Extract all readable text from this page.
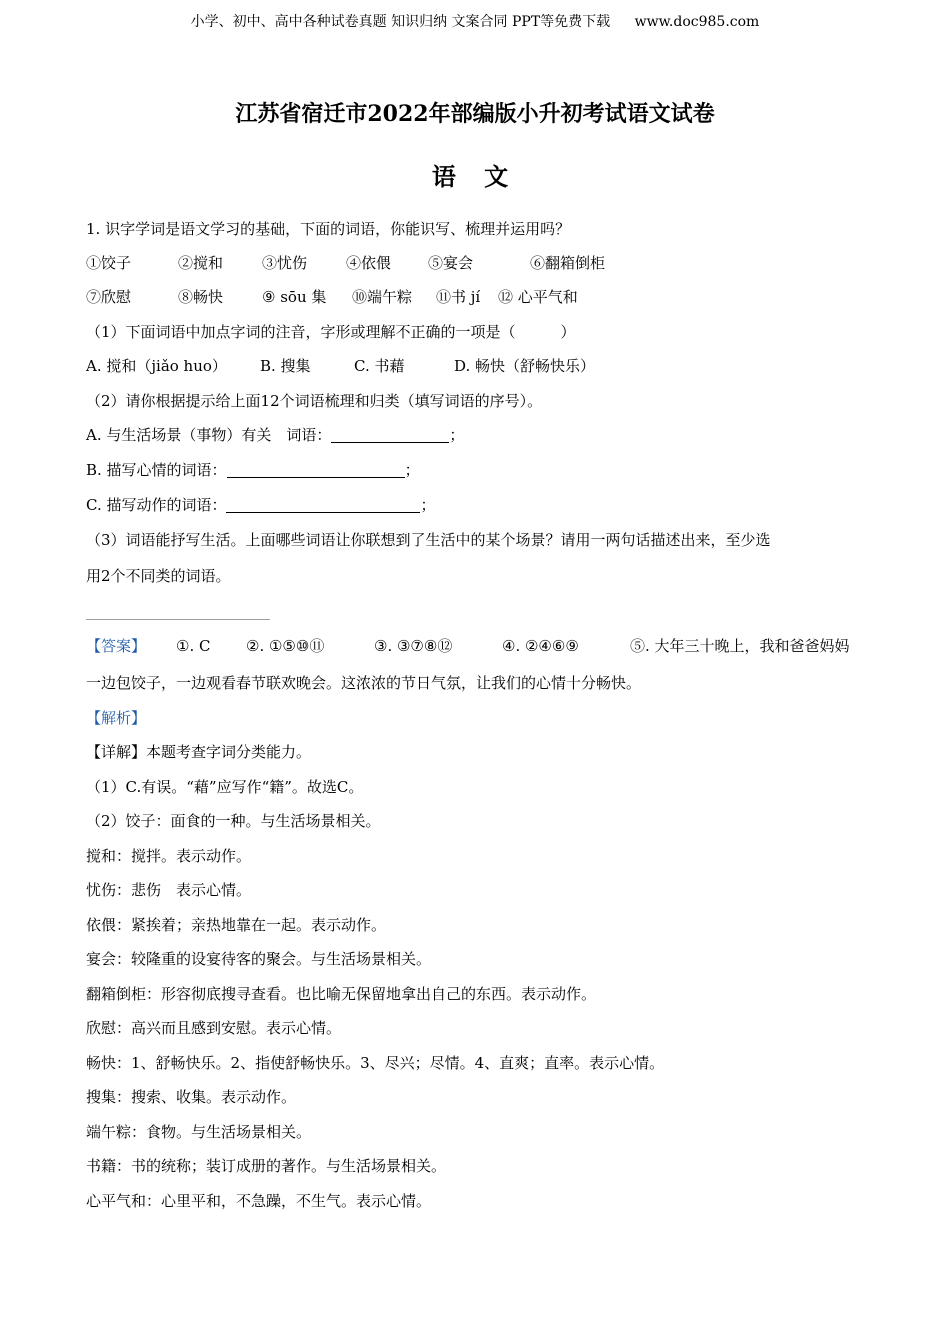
小学、初中、高中各种试卷真题 知识归纳 文案合同 PPT等免费下载 www.doc985.com
江苏省宿迁市2022年部编版小升初考试语文试卷
语 文
1. 识字学词是语文学习的基础，下面的词语，你能识写、梳理并运用吗？
①饺子	②搅和	③忧伤	④依偎 ⑤宴会	⑥翻箱倒柜
⑦欣慰	⑧畅快	⑨ sōu 集 ⑩端午粽 ⑪书 jí ⑫ 心平气和
（1）下面词语中加点字词的注音，字形或理解不正确的一项是（　　　）
A. 搅和（jiǎo huo） B. 搜集	C. 书藉	D. 畅快（舒畅快乐）
（2）请你根据提示给上面12个词语梳理和归类（填写词语的序号）。
A. 与生活场景（事物）有关　词语：	；
B. 描写心情的词语：	；
C. 描写动作的词语：	；
（3）词语能抒写生活。上面哪些词语让你联想到了生活中的某个场景？请用一两句话描述出来，至少选
用2个不同类的词语。
【答案】 ①. C ②. ①⑤⑩⑪	③. ③⑦⑧⑫	④. ②④⑥⑨	⑤. 大年三十晚上，我和爸爸妈妈
一边包饺子，一边观看春节联欢晚会。这浓浓的节日气氛，让我们的心情十分畅快。
【解析】
【详解】本题考查字词分类能力。
（1）C.有误。“藉”应写作“籍”。故选C。
（2）饺子：面食的一种。与生活场景相关。
搅和：搅拌。表示动作。
忧伤：悲伤　表示心情。
依偎：紧挨着；亲热地靠在一起。表示动作。
宴会：较隆重的设宴待客的聚会。与生活场景相关。
翻箱倒柜：形容彻底搜寻查看。也比喻无保留地拿出自己的东西。表示动作。
欣慰：高兴而且感到安慰。表示心情。
畅快：1、舒畅快乐。2、指使舒畅快乐。3、尽兴；尽情。4、直爽；直率。表示心情。
搜集：搜索、收集。表示动作。
端午粽：食物。与生活场景相关。
书籍：书的统称；装订成册的著作。与生活场景相关。
心平气和：心里平和，不急躁，不生气。表示心情。
